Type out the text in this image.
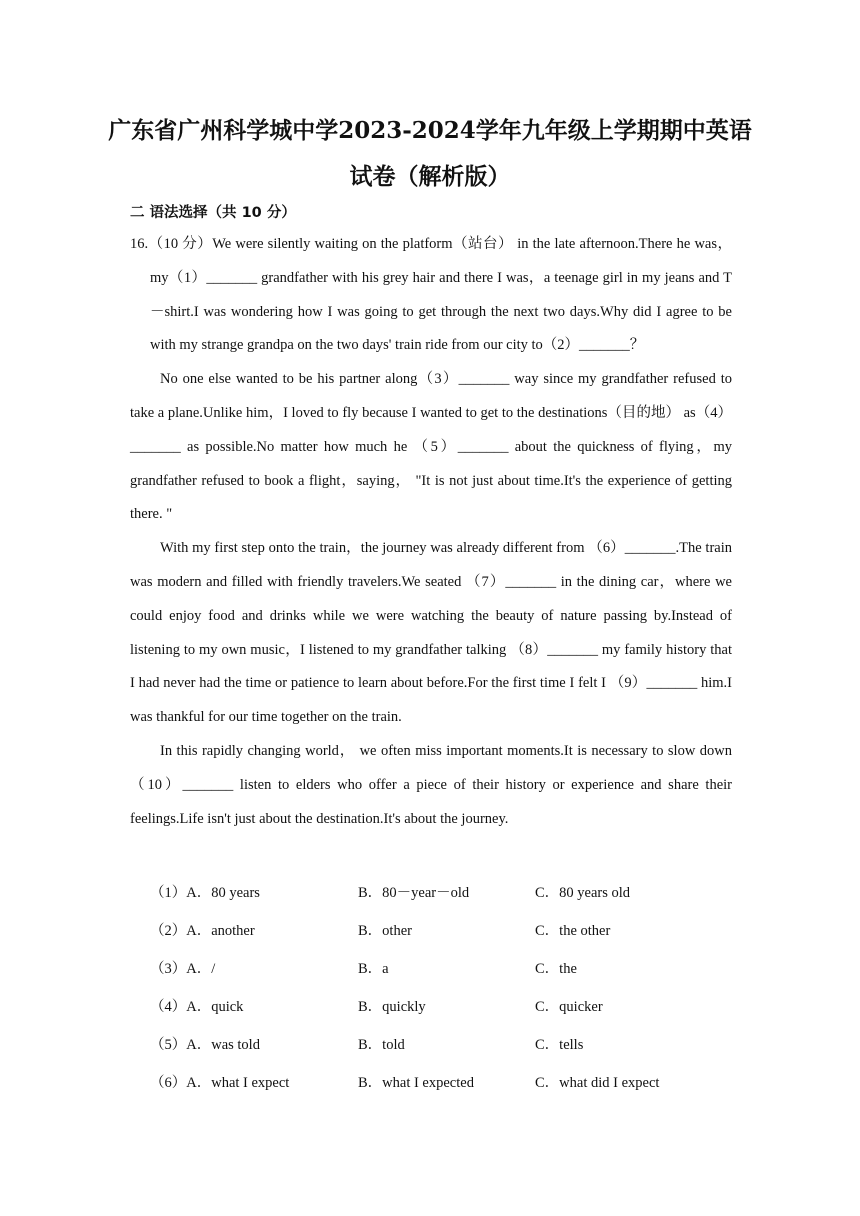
广东省广州科学城中学2023-2024学年九年级上学期期中英语试卷（解析版）
二 语法选择（共 10 分）

16.（10 分）We were silently waiting on the platform（站台） in the late afternoon.There he was，my（1）_______ grandfather with his grey hair and there I was，a teenage girl in my jeans and T－shirt.I was wondering how I was going to get through the next two days.Why did I agree to be with my strange grandpa on the two days' train ride from our city to（2）_______？

No one else wanted to be his partner along（3）_______ way since my grandfather refused to take a plane.Unlike him，I loved to fly because I wanted to get to the destinations（目的地） as（4）_______ as possible.No matter how much he （5）_______ about the quickness of flying，my grandfather refused to book a flight，saying， "It is not just about time.It's the experience of getting there. "

With my first step onto the train，the journey was already different from （6）_______.The train was modern and filled with friendly travelers.We seated （7）_______ in the dining car，where we could enjoy food and drinks while we were watching the beauty of nature passing by.Instead of listening to my own music，I listened to my grandfather talking （8）_______ my family history that I had never had the time or patience to learn about before.For the first time I felt I （9）_______ him.I was thankful for our time together on the train.

In this rapidly changing world， we often miss important moments.It is necessary to slow down（10）_______ listen to elders who offer a piece of their history or experience and share their feelings.Life isn't just about the destination.It's about the journey.

（1）A．80 years	B．80－year－old	C．80 years old
（2）A．another	B．other	C．the other
（3）A．/	B．a	C．the
（4）A．quick	B．quickly	C．quicker
（5）A．was told	B．told	C．tells
（6）A．what I expect	B．what I expected	C．what did I expect
